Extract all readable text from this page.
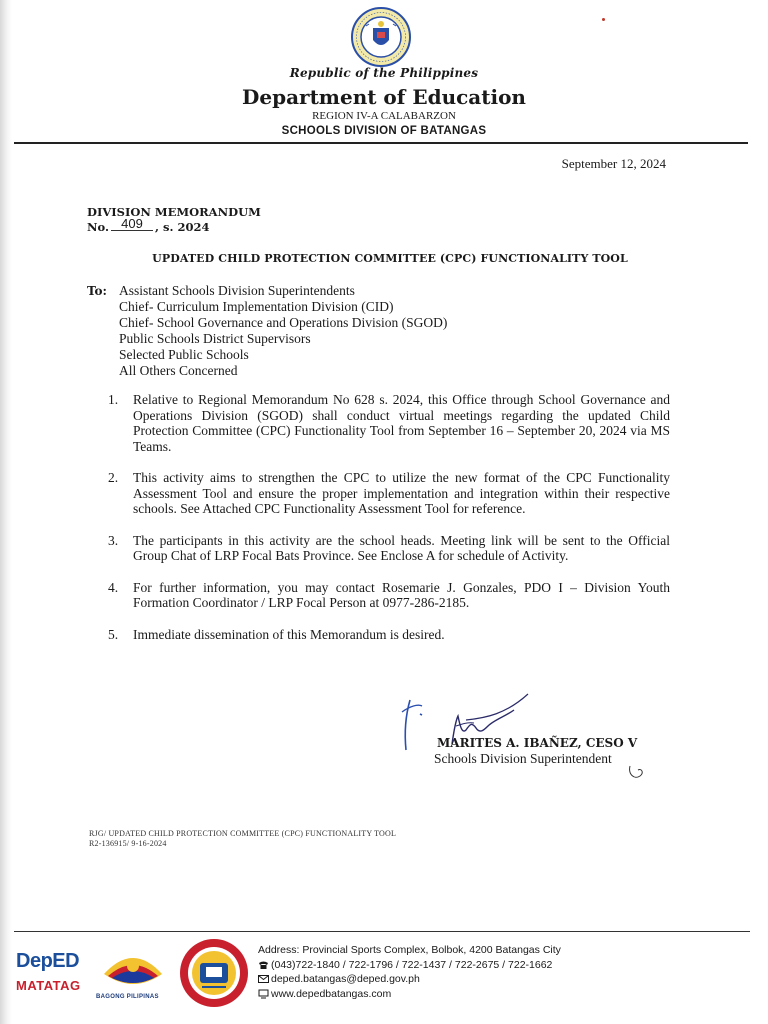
Republic of the Philippines
Department of Education
REGION IV-A CALABARZON
SCHOOLS DIVISION OF BATANGAS
September 12, 2024
DIVISION MEMORANDUM
No. 409	, s. 2024
UPDATED CHILD PROTECTION COMMITTEE (CPC) FUNCTIONALITY TOOL
To: Assistant Schools Division Superintendents
Chief- Curriculum Implementation Division (CID)
Chief- School Governance and Operations Division (SGOD)
Public Schools District Supervisors
Selected Public Schools
All Others Concerned
1. Relative to Regional Memorandum No 628 s. 2024, this Office through School Governance and Operations Division (SGOD) shall conduct virtual meetings regarding the updated Child Protection Committee (CPC) Functionality Tool from September 16 – September 20, 2024 via MS Teams.
2. This activity aims to strengthen the CPC to utilize the new format of the CPC Functionality Assessment Tool and ensure the proper implementation and integration within their respective schools. See Attached CPC Functionality Assessment Tool for reference.
3. The participants in this activity are the school heads. Meeting link will be sent to the Official Group Chat of LRP Focal Bats Province. See Enclose A for schedule of Activity.
4. For further information, you may contact Rosemarie J. Gonzales, PDO I – Division Youth Formation Coordinator / LRP Focal Person at 0977-286-2185.
5. Immediate dissemination of this Memorandum is desired.
MARITES A. IBAÑEZ, CESO V
Schools Division Superintendent
RJG/ UPDATED CHILD PROTECTION COMMITTEE (CPC) FUNCTIONALITY TOOL
R2-136915/ 9-16-2024
DepED
MATATAG
BAGONG PILIPINAS
Address: Provincial Sports Complex, Bolbok, 4200 Batangas City
(043)722-1840 / 722-1796 / 722-1437 / 722-2675 / 722-1662
deped.batangas@deped.gov.ph
www.depedbatangas.com
